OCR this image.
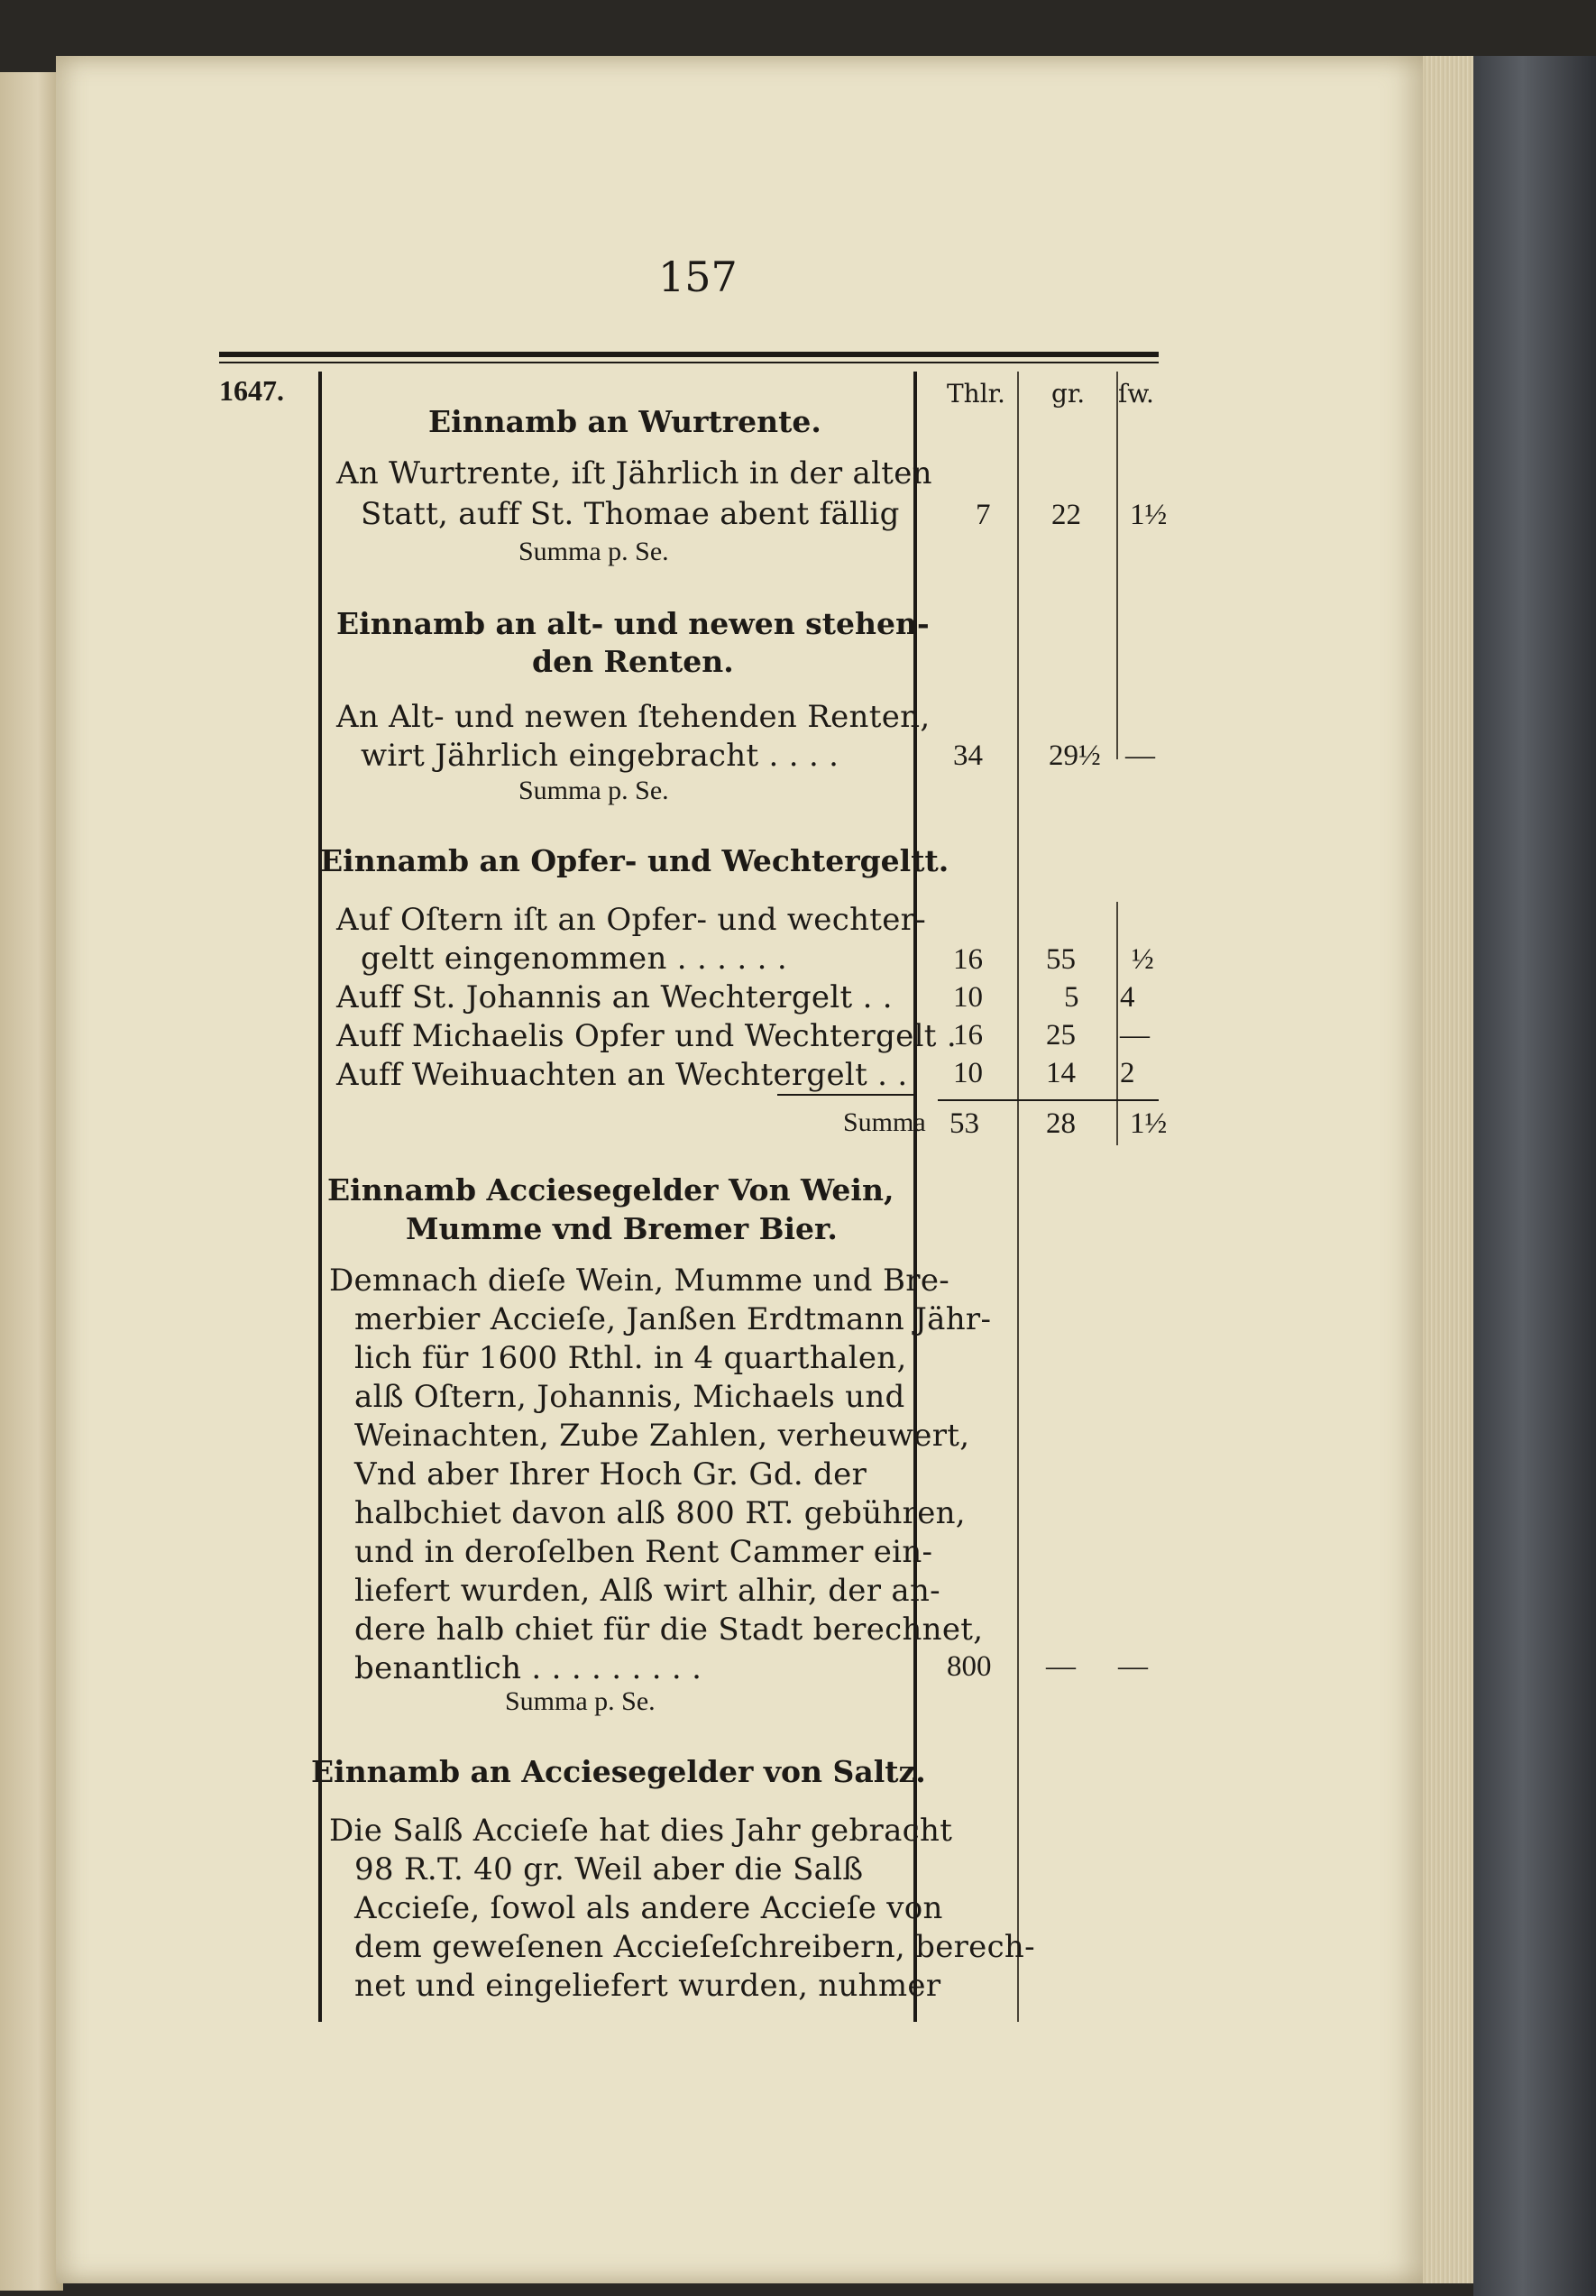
157
1647.	Thlr. gr. ſw.
Einnamb an Wurtrente.
An Wurtrente, iſt Jährlich in der alten
Statt, auff St. Thomae abent fällig
Summa p. Se.
7 22 1½
Einnamb an alt- und newen stehen-
den Renten.
An Alt- und newen ſtehenden Renten,
wirt Jährlich eingebracht . . . .
Summa p. Se.
34 29½ —
Einnamb an Opfer- und Wechtergeltt.
Auf Oſtern iſt an Opfer- und wechter-
geltt eingenommen . . . . . .
Auff St. Johannis an Wechtergelt . .
Auff Michaelis Opfer und Wechtergelt .
Auff Weihuachten an Wechtergelt . .
16 55 ½
10	5 4
16 25 —
10 14 2
Summa 53 28 1½
Einnamb Acciesegelder Von Wein,
Mumme vnd Bremer Bier.
Demnach dieſe Wein, Mumme und Bre-
merbier Accieſe, Janßen Erdtmann Jähr-
lich für 1600 Rthl. in 4 quarthalen,
alß Oſtern, Johannis, Michaels und
Weinachten, Zube Zahlen, verheuwert,
Vnd aber Ihrer Hoch Gr. Gd. der
halbchiet davon alß 800 RT. gebühren,
und in deroſelben Rent Cammer ein-
liefert wurden, Alß wirt alhir, der an-
dere halb chiet für die Stadt berechnet,
benantlich . . . . . . . . .
Summa p. Se.
800 — —
Einnamb an Acciesegelder von Saltz.
Die Salß Accieſe hat dies Jahr gebracht
98 R.T. 40 gr. Weil aber die Salß
Accieſe, ſowol als andere Accieſe von
dem geweſenen Accieſeſchreibern, berech-
net und eingeliefert wurden, nuhmer
